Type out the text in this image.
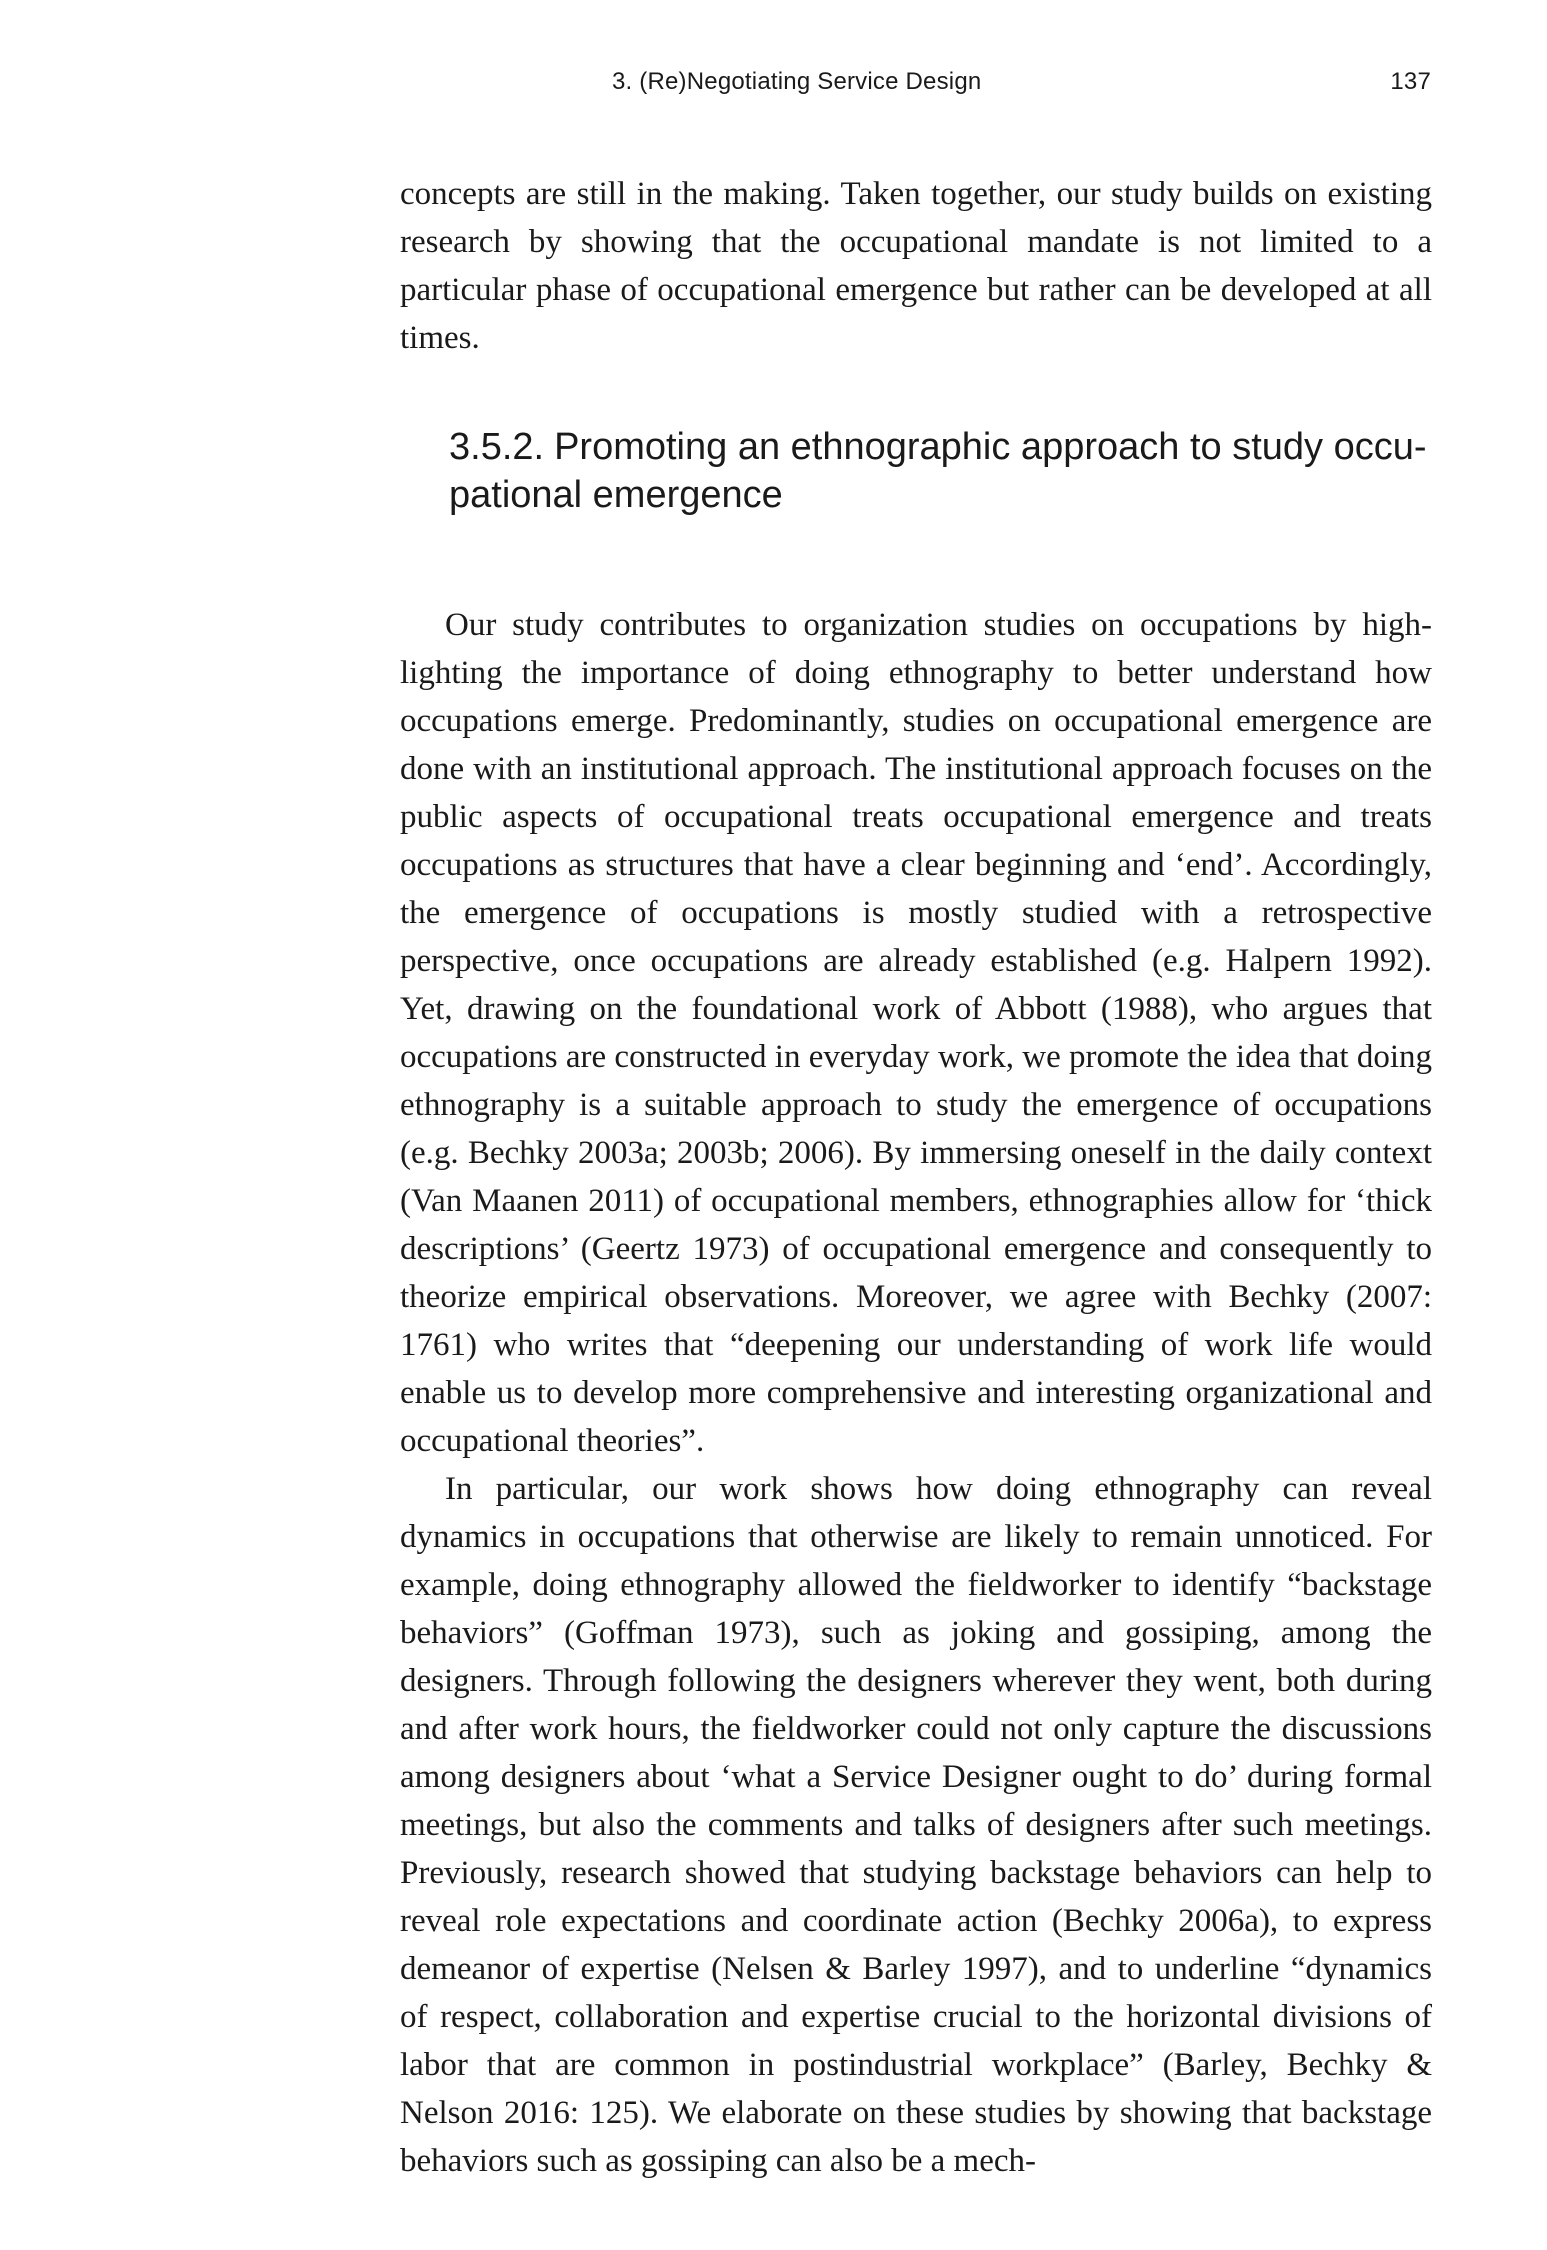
3. (Re)Negotiating Service Design	137

concepts are still in the making. Taken together, our study builds on existing research by showing that the occupational mandate is not limited to a particular phase of occupational emergence but rather can be developed at all times.

3.5.2. Promoting an ethnographic approach to study occupational emergence

Our study contributes to organization studies on occupations by highlighting the importance of doing ethnography to better understand how occupations emerge. Predominantly, studies on occupational emergence are done with an institutional approach. The institutional approach focuses on the public aspects of occupational treats occupational emergence and treats occupations as structures that have a clear beginning and ‘end’. Accordingly, the emergence of occupations is mostly studied with a retrospective perspective, once occupations are already established (e.g. Halpern 1992). Yet, drawing on the foundational work of Abbott (1988), who argues that occupations are constructed in everyday work, we promote the idea that doing ethnography is a suitable approach to study the emergence of occupations (e.g. Bechky 2003a; 2003b; 2006). By immersing oneself in the daily context (Van Maanen 2011) of occupational members, ethnographies allow for ‘thick descriptions’ (Geertz 1973) of occupational emergence and consequently to theorize empirical observations. Moreover, we agree with Bechky (2007: 1761) who writes that “deepening our understanding of work life would enable us to develop more comprehensive and interesting organizational and occupational theories”.

In particular, our work shows how doing ethnography can reveal dynamics in occupations that otherwise are likely to remain unnoticed. For example, doing ethnography allowed the fieldworker to identify “backstage behaviors” (Goffman 1973), such as joking and gossiping, among the designers. Through following the designers wherever they went, both during and after work hours, the fieldworker could not only capture the discussions among designers about ‘what a Service Designer ought to do’ during formal meetings, but also the comments and talks of designers after such meetings. Previously, research showed that studying backstage behaviors can help to reveal role expectations and coordinate action (Bechky 2006a), to express demeanor of expertise (Nelsen & Barley 1997), and to underline “dynamics of respect, collaboration and expertise crucial to the horizontal divisions of labor that are common in postindustrial workplace” (Barley, Bechky & Nelson 2016: 125). We elaborate on these studies by showing that backstage behaviors such as gossiping can also be a mech-
